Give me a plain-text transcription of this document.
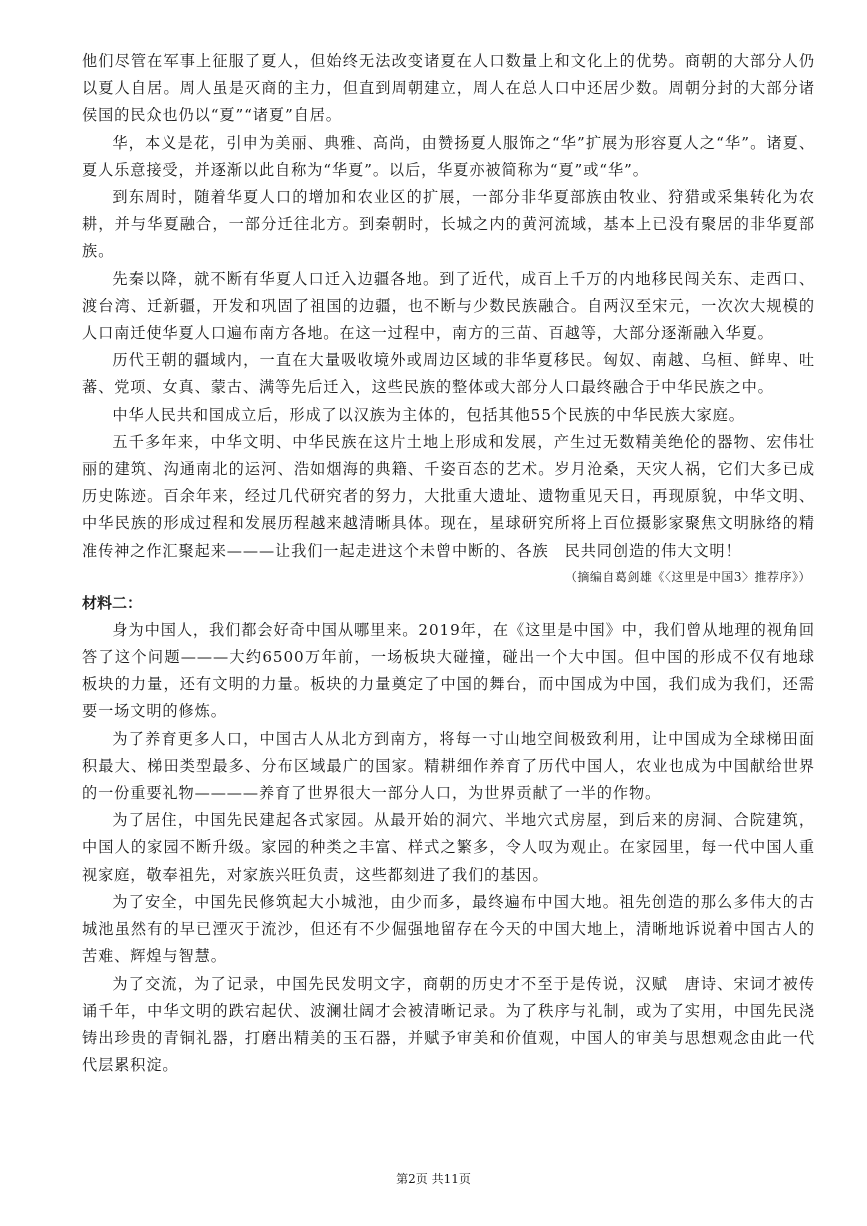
他们尽管在军事上征服了夏人，但始终无法改变诸夏在人口数量上和文化上的优势。商朝的大部分人仍以夏人自居。周人虽是灭商的主力，但直到周朝建立，周人在总人口中还居少数。周朝分封的大部分诸侯国的民众也仍以“夏”“诸夏”自居。

华，本义是花，引申为美丽、典雅、高尚，由赞扬夏人服饰之“华”扩展为形容夏人之“华”。诸夏、夏人乐意接受，并逐渐以此自称为“华夏”。以后，华夏亦被简称为“夏”或“华”。

到东周时，随着华夏人口的增加和农业区的扩展，一部分非华夏部族由牧业、狩猎或采集转化为农耕，并与华夏融合，一部分迁往北方。到秦朝时，长城之内的黄河流域，基本上已没有聚居的非华夏部族。

先秦以降，就不断有华夏人口迁入边疆各地。到了近代，成百上千万的内地移民闯关东、走西口、渡台湾、迁新疆，开发和巩固了祖国的边疆，也不断与少数民族融合。自两汉至宋元，一次次大规模的人口南迁使华夏人口遍布南方各地。在这一过程中，南方的三苗、百越等，大部分逐渐融入华夏。

历代王朝的疆域内，一直在大量吸收境外或周边区域的非华夏移民。匈奴、南越、乌桓、鲜卑、吐蕃、党项、女真、蒙古、满等先后迁入，这些民族的整体或大部分人口最终融合于中华民族之中。

中华人民共和国成立后，形成了以汉族为主体的，包括其他55个民族的中华民族大家庭。

五千多年来，中华文明、中华民族在这片土地上形成和发展，产生过无数精美绝伦的器物、宏伟壮丽的建筑、沟通南北的运河、浩如烟海的典籍、千姿百态的艺术。岁月沧桑，天灾人祸，它们大多已成历史陈迹。百余年来，经过几代研究者的努力，大批重大遗址、遗物重见天日，再现原貌，中华文明、中华民族的形成过程和发展历程越来越清晰具体。现在，星球研究所将上百位摄影家聚焦文明脉络的精准传神之作汇聚起来———让我们一起走进这个未曾中断的、各族　民共同创造的伟大文明！

（摘编自葛剑雄《〈这里是中国3〉推荐序》）

材料二：

身为中国人，我们都会好奇中国从哪里来。2019年，在《这里是中国》中，我们曾从地理的视角回答了这个问题———大约6500万年前，一场板块大碰撞，碰出一个大中国。但中国的形成不仅有地球板块的力量，还有文明的力量。板块的力量奠定了中国的舞台，而中国成为中国，我们成为我们，还需要一场文明的修炼。

为了养育更多人口，中国古人从北方到南方，将每一寸山地空间极致利用，让中国成为全球梯田面积最大、梯田类型最多、分布区域最广的国家。精耕细作养育了历代中国人，农业也成为中国献给世界的一份重要礼物————养育了世界很大一部分人口，为世界贡献了一半的作物。

为了居住，中国先民建起各式家园。从最开始的洞穴、半地穴式房屋，到后来的房洞、合院建筑，中国人的家园不断升级。家园的种类之丰富、样式之繁多，令人叹为观止。在家园里，每一代中国人重视家庭，敬奉祖先，对家族兴旺负责，这些都刻进了我们的基因。

为了安全，中国先民修筑起大小城池，由少而多，最终遍布中国大地。祖先创造的那么多伟大的古城池虽然有的早已湮灭于流沙，但还有不少倔强地留存在今天的中国大地上，清晰地诉说着中国古人的苦难、辉煌与智慧。

为了交流，为了记录，中国先民发明文字，商朝的历史才不至于是传说，汉赋　唐诗、宋词才被传诵千年，中华文明的跌宕起伏、波澜壮阔才会被清晰记录。为了秩序与礼制，或为了实用，中国先民浇铸出珍贵的青铜礼器，打磨出精美的玉石器，并赋予审美和价值观，中国人的审美与思想观念由此一代代层累积淀。

第2页 共11页
